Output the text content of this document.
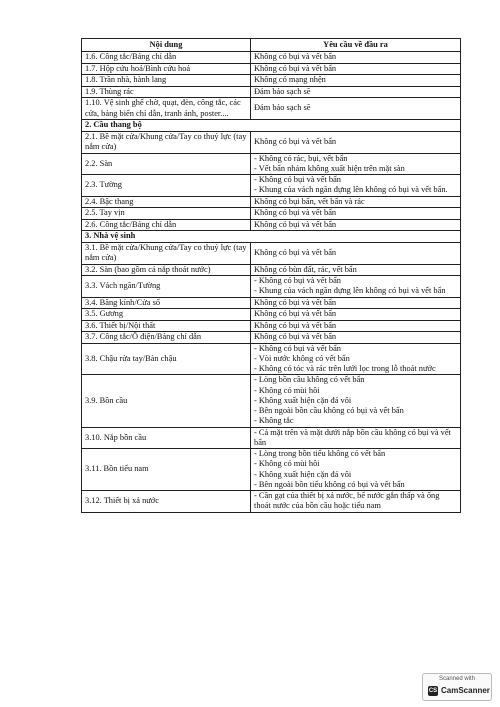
Nội dung	Yêu cầu về đầu ra
1.6. Công tắc/Bảng chỉ dẫn	Không có bụi và vết bẩn

1.7. Hộp cứu hoả/Bình cứu hoả	Không có bụi và vết bẩn

1.8. Trần nhà, hành lang	Không có mạng nhện

1.9. Thùng rác	Đảm bảo sạch sẽ

1.10. Vệ sinh ghế chờ, quạt, đèn, công tắc, các cửa, bảng biển chỉ dẫn, tranh ảnh, poster....	Đảm bảo sạch sẽ

2. Cầu thang bộ	
2.1. Bề mặt cửa/Khung cửa/Tay co thuỷ lực (tay nắm cửa)	Không có bụi và vết bẩn

2.2. Sàn	- Không có rác, bụi, vết bẩn
- Vết bẩn nhám không xuất hiện trên mặt sàn

2.3. Tường	- Không có bụi và vết bẩn
- Khung của vách ngăn đựng lên không có bụi và vết bẩn.

2.4. Bậc thang	Không có bụi bẩn, vết bẩn và rác

2.5. Tay vịn	Không có bụi và vết bẩn

2.6. Công tắc/Bảng chỉ dẫn	Không có bụi và vết bẩn

3. Nhà vệ sinh	
3.1. Bề mặt cửa/Khung cửa/Tay co thuỷ lực (tay nắm cửa)	Không có bụi và vết bẩn

3.2. Sàn (bao gồm cả nắp thoát nước)	Không có bùn đất, rác, vết bẩn

3.3. Vách ngăn/Tường	- Không có bụi và vết bẩn
- Khung của vách ngăn đựng lên không có bụi và vết bẩn

3.4. Băng kính/Cửa sổ	Không có bụi và vết bẩn

3.5. Gương	Không có bụi và vết bẩn

3.6. Thiết bị/Nội thất	Không có bụi và vết bẩn

3.7. Công tắc/Ổ điện/Bảng chỉ dẫn	Không có bụi và vết bẩn

3.8. Chậu rửa tay/Bàn chậu	- Không có bụi và vết bẩn
- Vòi nước không có vết bẩn
- Không có tóc và rác trên lưới lọc trong lỗ thoát nước

3.9. Bồn cầu	- Lòng bồn cầu không có vết bẩn
- Không có mùi hôi
- Không xuất hiện cặn đá vôi
- Bên ngoài bồn cầu không có bụi và vết bẩn
- Không tắc

3.10. Nắp bồn cầu	- Cả mặt trên và mặt dưới nắp bồn cầu không có bụi và vết bẩn

3.11. Bồn tiểu nam	- Lòng trong bồn tiểu không có vết bẩn
- Không có mùi hôi
- Không xuất hiện cặn đá vôi
- Bên ngoài bồn tiểu không có bụi và vết bẩn

3.12. Thiết bị xả nước	- Cần gạt của thiết bị xả nước, bể nước gắn thấp và ống thoát nước của bồn cầu hoặc tiểu nam
Scanned with
CS CamScanner
